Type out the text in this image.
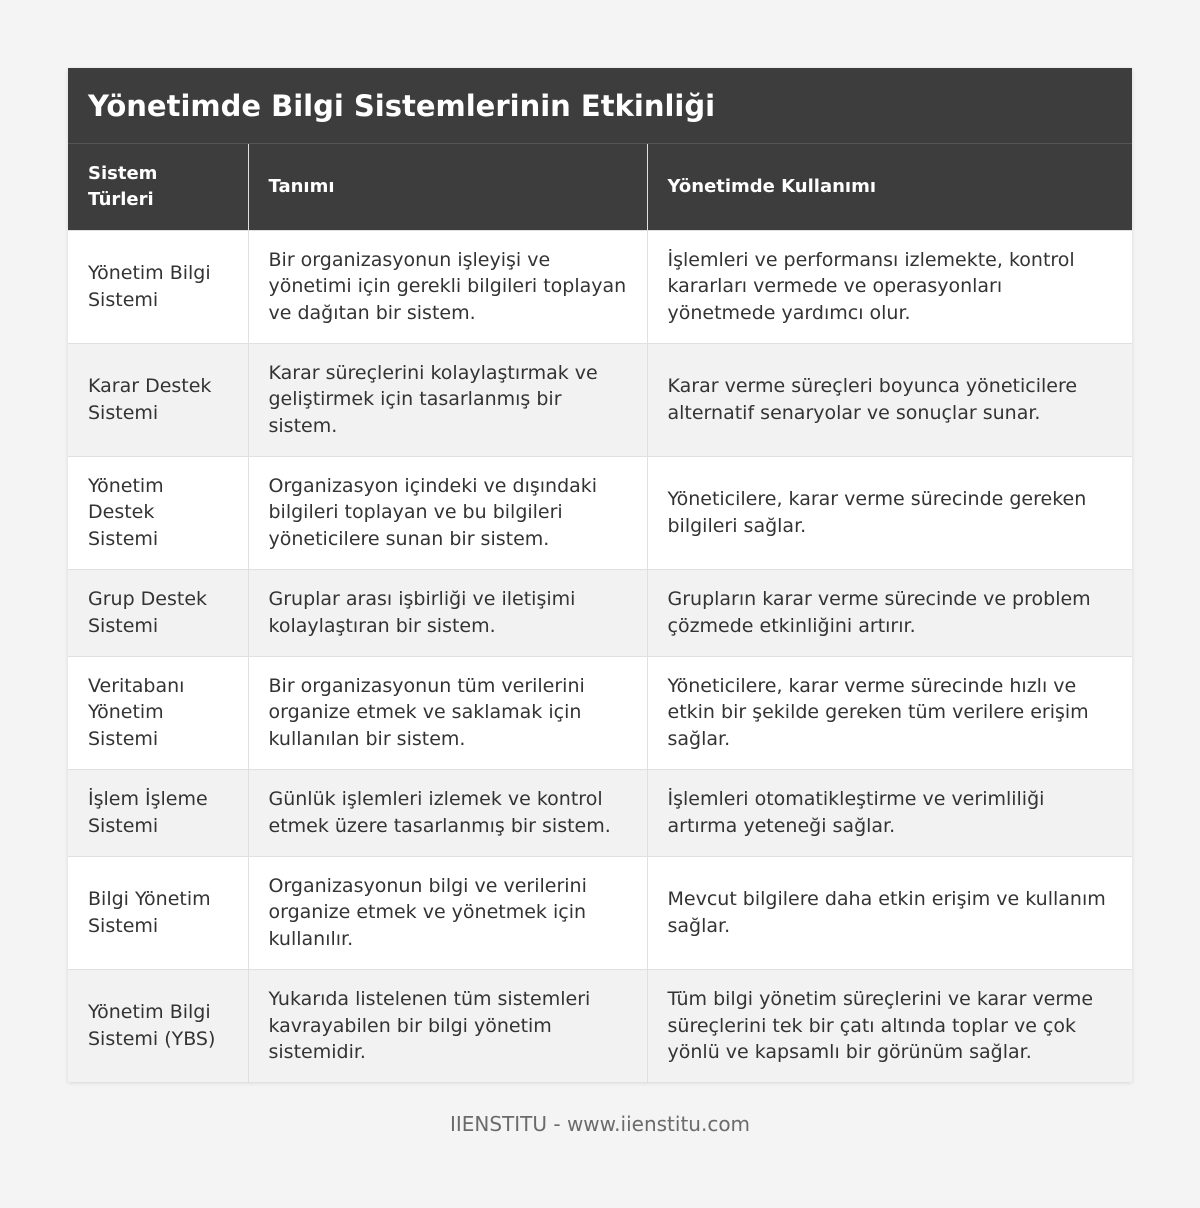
Yönetimde Bilgi Sistemlerinin Etkinliği
Sistem Türleri	Tanımı	Yönetimde Kullanımı
Yönetim Bilgi Sistemi	Bir organizasyonun işleyişi ve yönetimi için gerekli bilgileri toplayan ve dağıtan bir sistem.	İşlemleri ve performansı izlemekte, kontrol kararları vermede ve operasyonları yönetmede yardımcı olur.
Karar Destek Sistemi	Karar süreçlerini kolaylaştırmak ve geliştirmek için tasarlanmış bir sistem.	Karar verme süreçleri boyunca yöneticilere alternatif senaryolar ve sonuçlar sunar.
Yönetim Destek Sistemi	Organizasyon içindeki ve dışındaki bilgileri toplayan ve bu bilgileri yöneticilere sunan bir sistem.	Yöneticilere, karar verme sürecinde gereken bilgileri sağlar.
Grup Destek Sistemi	Gruplar arası işbirliği ve iletişimi kolaylaştıran bir sistem.	Grupların karar verme sürecinde ve problem çözmede etkinliğini artırır.
Veritabanı Yönetim Sistemi	Bir organizasyonun tüm verilerini organize etmek ve saklamak için kullanılan bir sistem.	Yöneticilere, karar verme sürecinde hızlı ve etkin bir şekilde gereken tüm verilere erişim sağlar.
İşlem İşleme Sistemi	Günlük işlemleri izlemek ve kontrol etmek üzere tasarlanmış bir sistem.	İşlemleri otomatikleştirme ve verimliliği artırma yeteneği sağlar.
Bilgi Yönetim Sistemi	Organizasyonun bilgi ve verilerini organize etmek ve yönetmek için kullanılır.	Mevcut bilgilere daha etkin erişim ve kullanım sağlar.
Yönetim Bilgi Sistemi (YBS)	Yukarıda listelenen tüm sistemleri kavrayabilen bir bilgi yönetim sistemidir.	Tüm bilgi yönetim süreçlerini ve karar verme süreçlerini tek bir çatı altında toplar ve çok yönlü ve kapsamlı bir görünüm sağlar.
IIENSTITU - www.iienstitu.com
